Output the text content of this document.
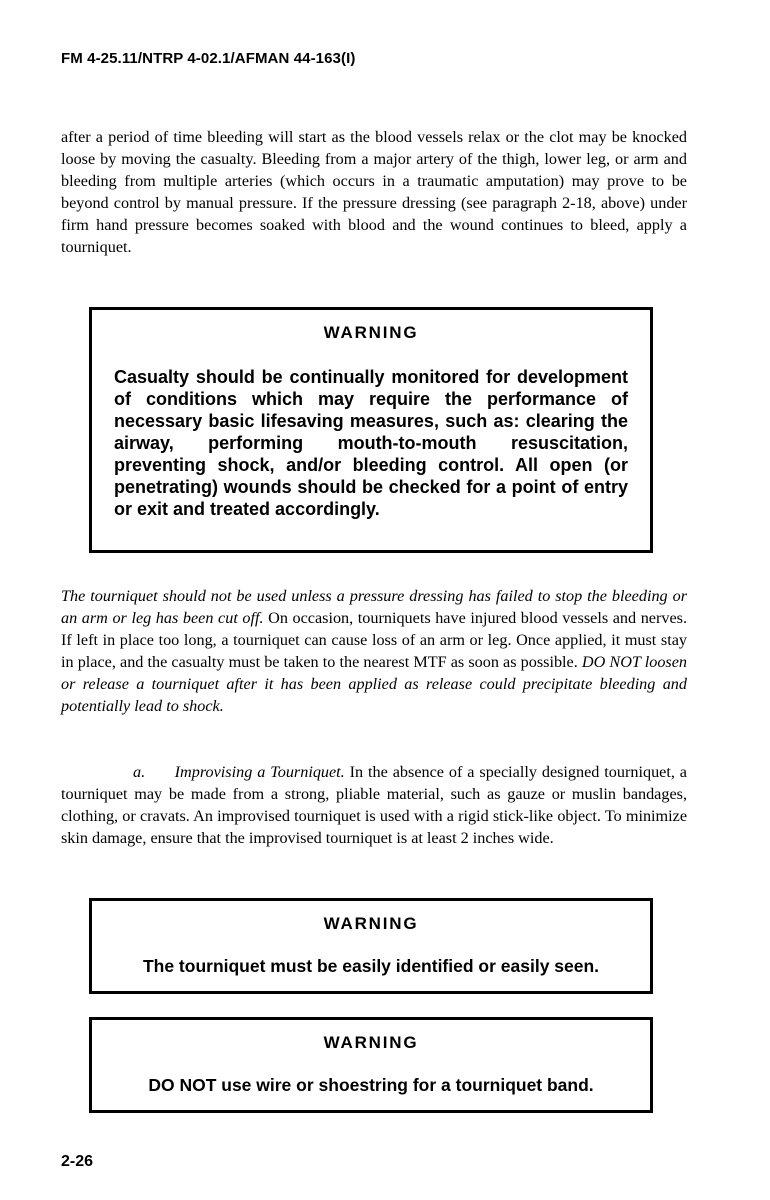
FM 4-25.11/NTRP 4-02.1/AFMAN 44-163(I)

after a period of time bleeding will start as the blood vessels relax or the clot may be knocked loose by moving the casualty. Bleeding from a major artery of the thigh, lower leg, or arm and bleeding from multiple arteries (which occurs in a traumatic amputation) may prove to be beyond control by manual pressure. If the pressure dressing (see paragraph 2-18, above) under firm hand pressure becomes soaked with blood and the wound continues to bleed, apply a tourniquet.

WARNING
Casualty should be continually monitored for development of conditions which may require the performance of necessary basic lifesaving measures, such as: clearing the airway, performing mouth-to-mouth resuscitation, preventing shock, and/or bleeding control. All open (or penetrating) wounds should be checked for a point of entry or exit and treated accordingly.

The tourniquet should not be used unless a pressure dressing has failed to stop the bleeding or an arm or leg has been cut off. On occasion, tourniquets have injured blood vessels and nerves. If left in place too long, a tourniquet can cause loss of an arm or leg. Once applied, it must stay in place, and the casualty must be taken to the nearest MTF as soon as possible. DO NOT loosen or release a tourniquet after it has been applied as release could precipitate bleeding and potentially lead to shock.

a. Improvising a Tourniquet. In the absence of a specially designed tourniquet, a tourniquet may be made from a strong, pliable material, such as gauze or muslin bandages, clothing, or cravats. An improvised tourniquet is used with a rigid stick-like object. To minimize skin damage, ensure that the improvised tourniquet is at least 2 inches wide.

WARNING
The tourniquet must be easily identified or easily seen.
WARNING
DO NOT use wire or shoestring for a tourniquet band.
2-26
